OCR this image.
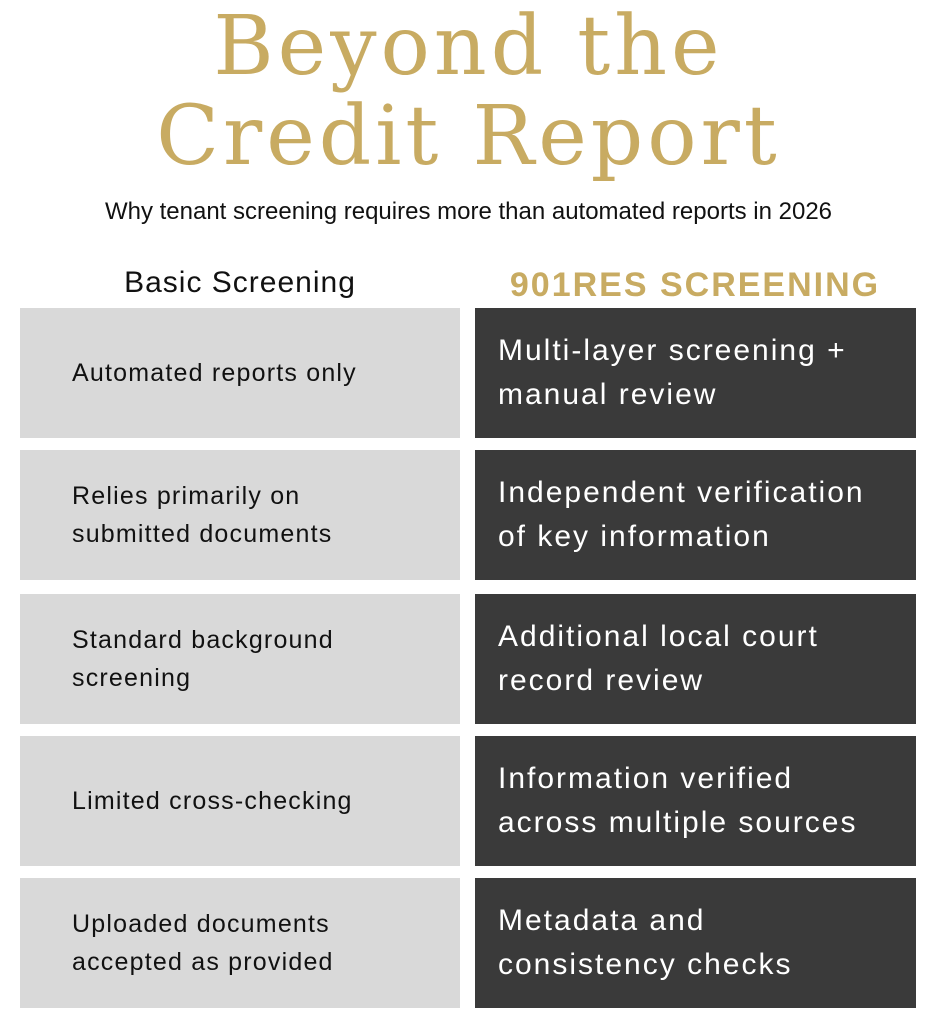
Beyond the
Credit Report
Why tenant screening requires more than automated reports in 2026
Basic Screening	901RES SCREENING
Automated reports only
Multi-layer screening +
manual review
Relies primarily on
submitted documents
Independent verification
of key information
Standard background
screening
Additional local court
record review
Limited cross-checking
Information verified
across multiple sources
Uploaded documents
accepted as provided
Metadata and
consistency checks
